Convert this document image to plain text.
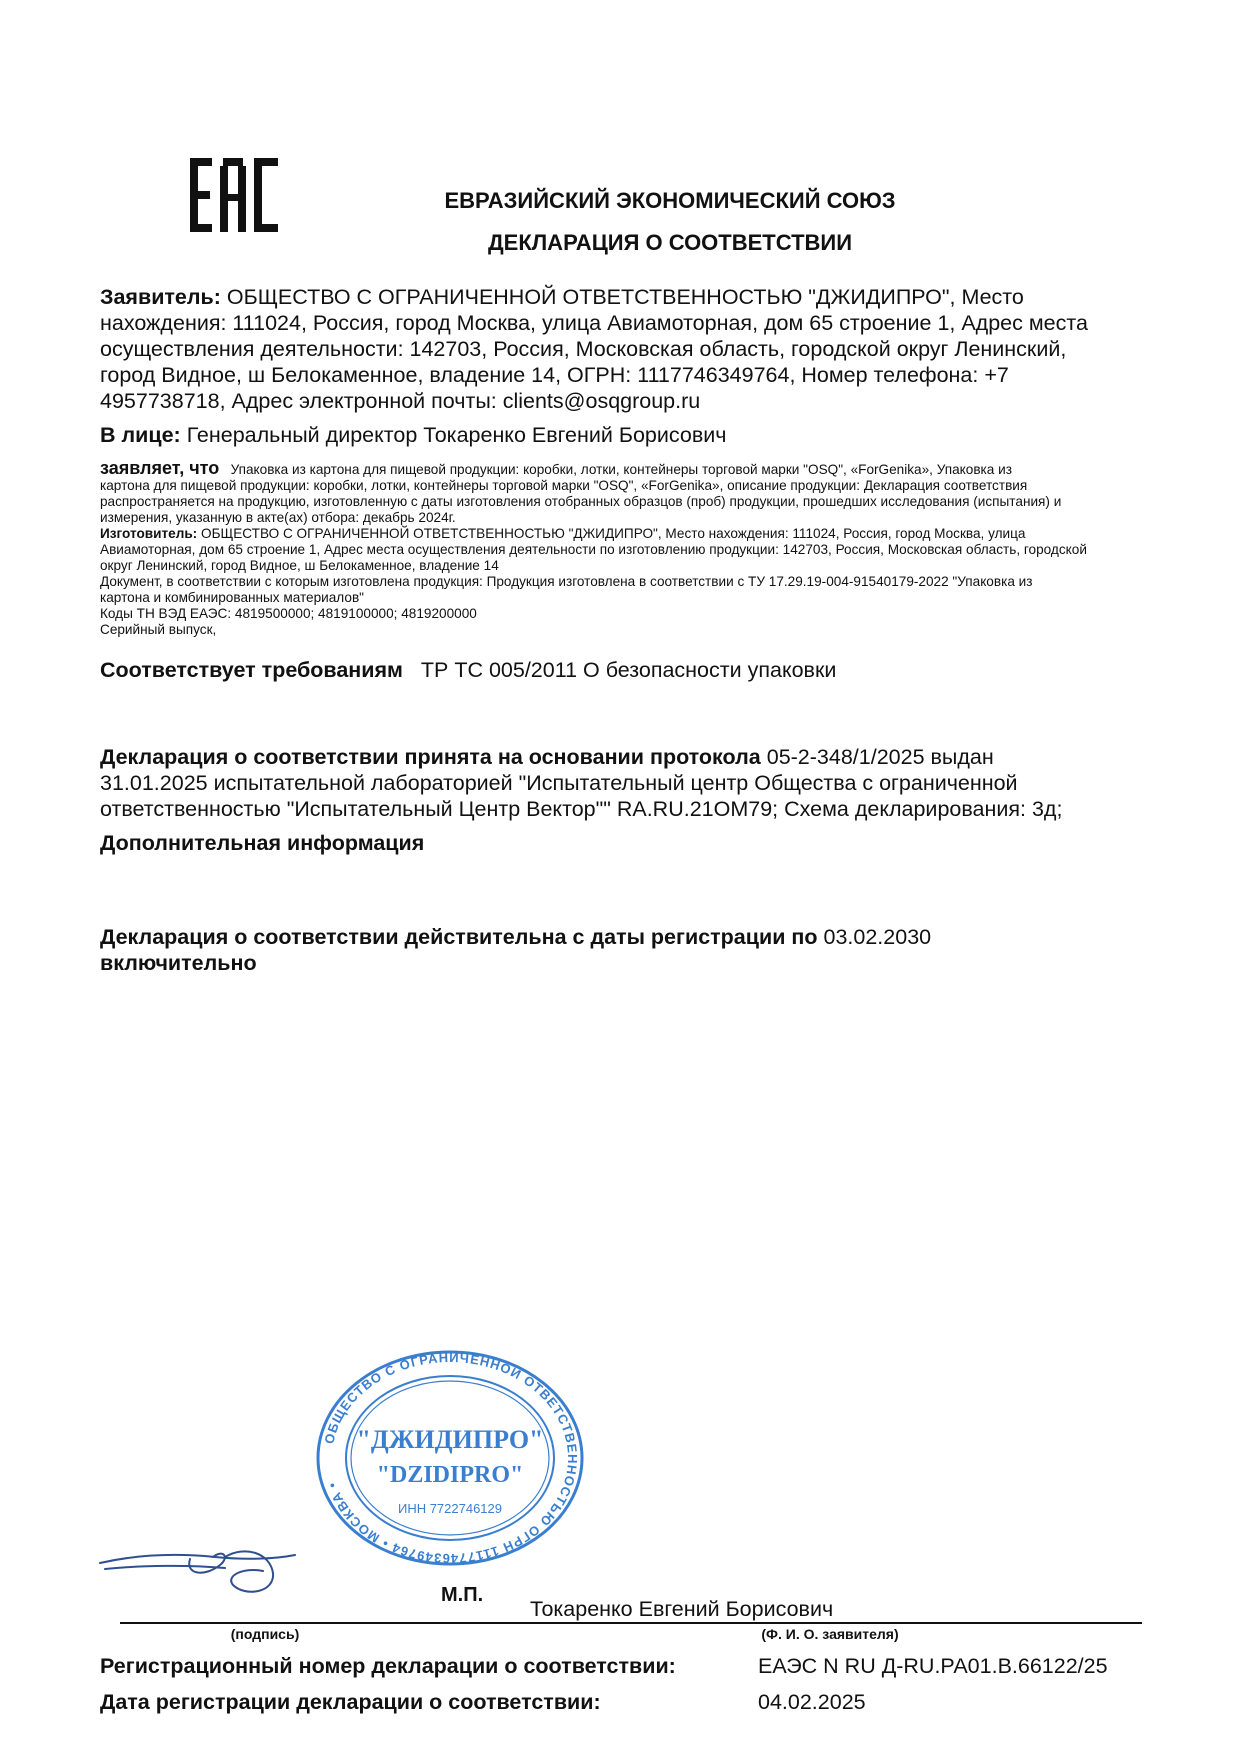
ЕВРАЗИЙСКИЙ ЭКОНОМИЧЕСКИЙ СОЮЗ
ДЕКЛАРАЦИЯ О СООТВЕТСТВИИ
Заявитель: ОБЩЕСТВО С ОГРАНИЧЕННОЙ ОТВЕТСТВЕННОСТЬЮ "ДЖИДИПРО", Место
нахождения: 111024, Россия, город Москва, улица Авиамоторная, дом 65 строение 1, Адрес места
осуществления деятельности: 142703, Россия, Московская область, городской округ Ленинский,
город Видное, ш Белокаменное, владение 14, ОГРН: 1117746349764, Номер телефона: +7
4957738718, Адрес электронной почты: clients@osqgroup.ru
В лице: Генеральный директор Токаренко Евгений Борисович
заявляет, что Упаковка из картона для пищевой продукции: коробки, лотки, контейнеры торговой марки "OSQ", «ForGenika», Упаковка из
картона для пищевой продукции: коробки, лотки, контейнеры торговой марки "OSQ", «ForGenika», описание продукции: Декларация соответствия
распространяется на продукцию, изготовленную с даты изготовления отобранных образцов (проб) продукции, прошедших исследования (испытания) и
измерения, указанную в акте(ах) отбора: декабрь 2024г.
Изготовитель: ОБЩЕСТВО С ОГРАНИЧЕННОЙ ОТВЕТСТВЕННОСТЬЮ "ДЖИДИПРО", Место нахождения: 111024, Россия, город Москва, улица
Авиамоторная, дом 65 строение 1, Адрес места осуществления деятельности по изготовлению продукции: 142703, Россия, Московская область, городской
округ Ленинский, город Видное, ш Белокаменное, владение 14
Документ, в соответствии с которым изготовлена продукция: Продукция изготовлена в соответствии с ТУ 17.29.19-004-91540179-2022 "Упаковка из
картона и комбинированных материалов"
Коды ТН ВЭД ЕАЭС: 4819500000; 4819100000; 4819200000
Серийный выпуск,
Соответствует требованиям ТР ТС 005/2011 О безопасности упаковки
Декларация о соответствии принята на основании протокола 05-2-348/1/2025 выдан
31.01.2025 испытательной лабораторией "Испытательный центр Общества с ограниченной
ответственностью "Испытательный Центр Вектор"" RA.RU.21OM79; Схема декларирования: 3д;
Дополнительная информация
Декларация о соответствии действительна с даты регистрации по 03.02.2030
включительно
ОБЩЕСТВО С ОГРАНИЧЕННОЙ ОТВЕТСТВЕННОСТЬЮ ОГРН 1117746349764 • МОСКВА •
"ДЖИДИПРО"
"DZIDIPRO"
ИНН 7722746129
М.П.
Токаренко Евгений Борисович
(подпись)	(Ф. И. О. заявителя)
Регистрационный номер декларации о соответствии:	ЕАЭС N RU Д-RU.РА01.В.66122/25
Дата регистрации декларации о соответствии:	04.02.2025
